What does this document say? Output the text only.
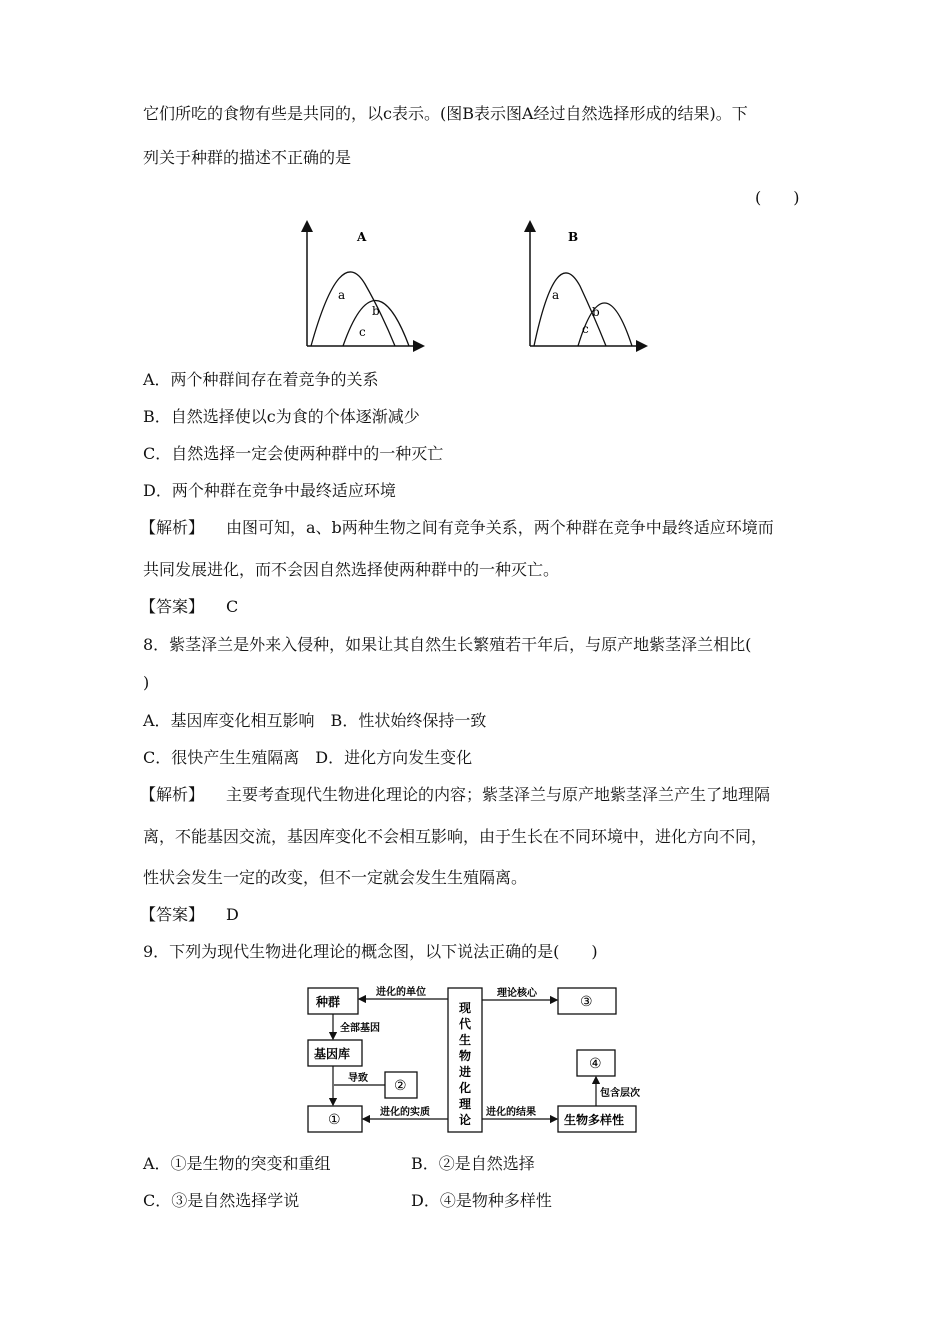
它们所吃的食物有些是共同的，以c表示。(图B表示图A经过自然选择形成的结果)。下
列关于种群的描述不正确的是
(　　)
A
a
b
c
B
a
b
c
A．两个种群间存在着竞争的关系
B．自然选择使以c为食的个体逐渐减少
C．自然选择一定会使两种群中的一种灭亡
D．两个种群在竞争中最终适应环境
【解析】 由图可知，a、b两种生物之间有竞争关系，两个种群在竞争中最终适应环境而
共同发展进化，而不会因自然选择使两种群中的一种灭亡。
【答案】 C
8．紫茎泽兰是外来入侵种，如果让其自然生长繁殖若干年后，与原产地紫茎泽兰相比(
)
A．基因库变化相互影响　B．性状始终保持一致
C．很快产生生殖隔离　D．进化方向发生变化
【解析】 主要考查现代生物进化理论的内容；紫茎泽兰与原产地紫茎泽兰产生了地理隔
离，不能基因交流，基因库变化不会相互影响，由于生长在不同环境中，进化方向不同，
性状会发生一定的改变，但不一定就会发生生殖隔离。
【答案】 D
9．下列为现代生物进化理论的概念图，以下说法正确的是(　　)
种群
基因库
①
②
③
④
生物多样性
现
代
生
物
进
化
理
论
进化的单位
全部基因
导致
进化的实质
理论核心
进化的结果
包含层次
A．①是生物的突变和重组	B．②是自然选择
C．③是自然选择学说	D．④是物种多样性
